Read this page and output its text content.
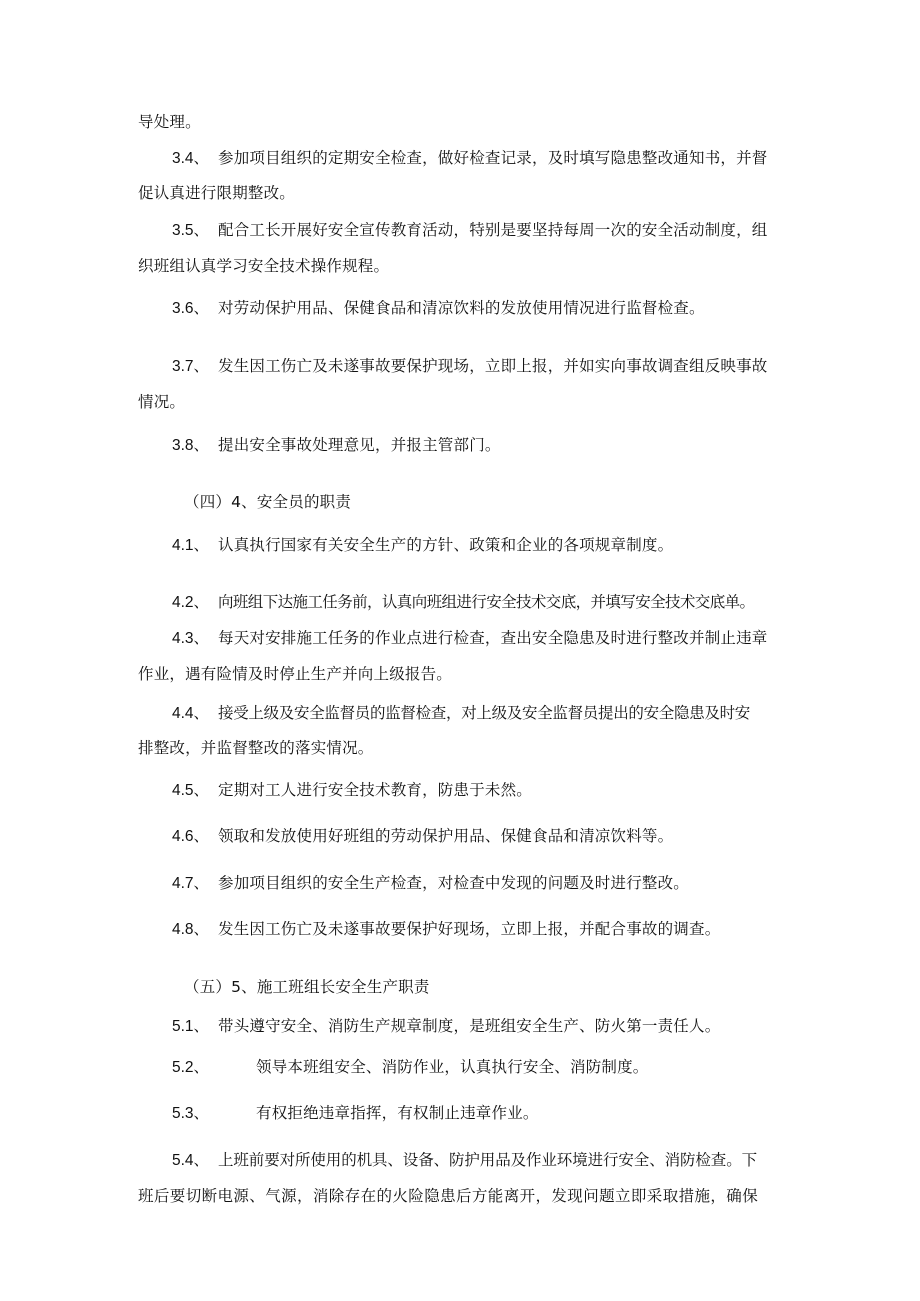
导处理。
3.4、 参加项目组织的定期安全检查，做好检查记录，及时填写隐患整改通知书，并督
促认真进行限期整改。
3.5、 配合工长开展好安全宣传教育活动，特别是要坚持每周一次的安全活动制度，组
织班组认真学习安全技术操作规程。
3.6、 对劳动保护用品、保健食品和清凉饮料的发放使用情况进行监督检查。
3.7、 发生因工伤亡及未遂事故要保护现场，立即上报，并如实向事故调查组反映事故
情况。
3.8、 提出安全事故处理意见，并报主管部门。
（四）4、安全员的职责
4.1、 认真执行国家有关安全生产的方针、政策和企业的各项规章制度。
4.2、 向班组下达施工任务前，认真向班组进行安全技术交底，并填写安全技术交底单。
4.3、 每天对安排施工任务的作业点进行检查，查出安全隐患及时进行整改并制止违章
作业，遇有险情及时停止生产并向上级报告。
4.4、 接受上级及安全监督员的监督检查，对上级及安全监督员提出的安全隐患及时安
排整改，并监督整改的落实情况。
4.5、 定期对工人进行安全技术教育，防患于未然。
4.6、 领取和发放使用好班组的劳动保护用品、保健食品和清凉饮料等。
4.7、 参加项目组织的安全生产检查，对检查中发现的问题及时进行整改。
4.8、 发生因工伤亡及未遂事故要保护好现场，立即上报，并配合事故的调查。
（五）5、施工班组长安全生产职责
5.1、 带头遵守安全、消防生产规章制度，是班组安全生产、防火第一责任人。
5.2、	领导本班组安全、消防作业，认真执行安全、消防制度。
5.3、	有权拒绝违章指挥，有权制止违章作业。
5.4、 上班前要对所使用的机具、设备、防护用品及作业环境进行安全、消防检查。下
班后要切断电源、气源，消除存在的火险隐患后方能离开，发现问题立即采取措施，确保
